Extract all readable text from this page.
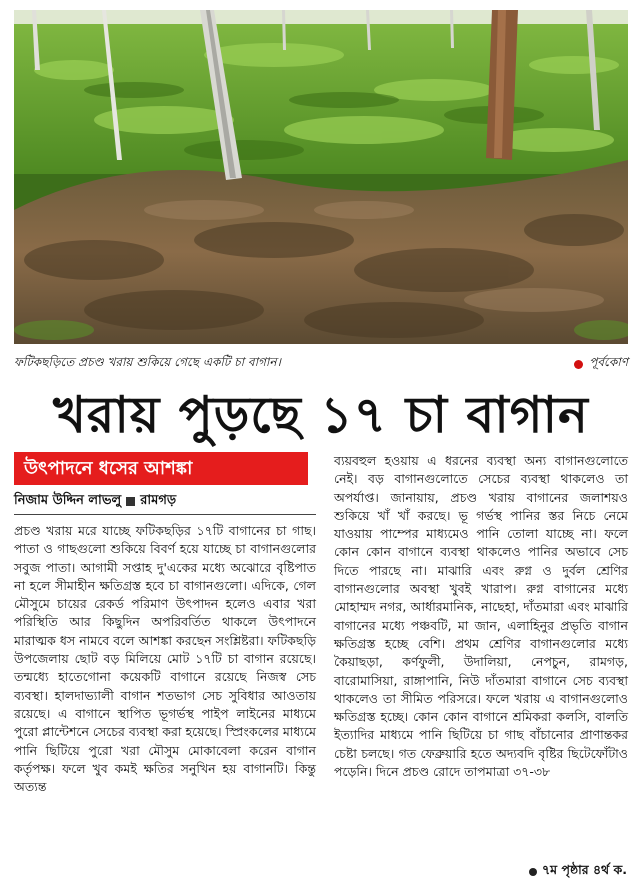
ফটিকছড়িতে প্রচণ্ড খরায় শুকিয়ে গেছে একটি চা বাগান।	পূর্বকোণ
খরায় পুড়ছে ১৭ চা বাগান
উৎপাদনে ধসের আশঙ্কা
নিজাম উদ্দিন লাভলু রামগড়

প্রচণ্ড খরায় মরে যাচ্ছে ফটিকছড়ির ১৭টি বাগানের চা গাছ। পাতা ও গাছগুলো শুকিয়ে বিবর্ণ হয়ে যাচ্ছে চা বাগানগুলোর সবুজ পাতা। আগামী সপ্তাহ দু'একের মধ্যে অঝোরে বৃষ্টিপাত না হলে সীমাহীন ক্ষতিগ্রস্ত হবে চা বাগানগুলো। এদিকে, গেল মৌসুমে চায়ের রেকর্ড পরিমাণ উৎপাদন হলেও এবার খরা পরিস্থিতি আর কিছুদিন অপরিবর্তিত থাকলে উৎপাদনে মারাত্মক ধস নামবে বলে আশঙ্কা করছেন সংশ্লিষ্টরা। ফটিকছড়ি উপজেলায় ছোট বড় মিলিয়ে মোট ১৭টি চা বাগান রয়েছে। তন্মধ্যে হাতেগোনা কয়েকটি বাগানে রয়েছে নিজস্ব সেচ ব্যবস্থা। হালদাভ্যালী বাগান শতভাগ সেচ সুবিধার আওতায় রয়েছে। এ বাগানে স্থাপিত ভূগর্ভস্থ পাইপ লাইনের মাধ্যমে পুরো প্লান্টেশনে সেচের ব্যবস্থা করা হয়েছে। স্প্রিংকলের মাধ্যমে পানি ছিটিয়ে পুরো খরা মৌসুম মোকাবেলা করেন বাগান কর্তৃপক্ষ। ফলে খুব কমই ক্ষতির সনুখিন হয় বাগানটি। কিন্তু অত্যন্ত

ব্যয়বহুল হওয়ায় এ ধরনের ব্যবস্থা অন্য বাগানগুলোতে নেই। বড় বাগানগুলোতে সেচের ব্যবস্থা থাকলেও তা অপর্যাপ্ত। জানায়ায়, প্রচণ্ড খরায় বাগানের জলাশয়ও শুকিয়ে খাঁ খাঁ করছে। ভূ গর্ভস্থ পানির স্তর নিচে নেমে যাওয়ায় পাম্পের মাধ্যমেও পানি তোলা যাচ্ছে না। ফলে কোন কোন বাগানে ব্যবস্থা থাকলেও পানির অভাবে সেচ দিতে পারছে না। মাঝারি এবং রুগ্ন ও দুর্বল শ্রেণির বাগানগুলোর অবস্থা খুবই খারাপ। রুগ্ন বাগানের মধ্যে মোহাম্মদ নগর, আর্ধারমানিক, নাছেহা, দাঁতমারা এবং মাঝারি বাগানের মধ্যে পঞ্চবটি, মা জান, এলাহিনুর প্রভৃতি বাগান ক্ষতিগ্রস্ত হচ্ছে বেশি। প্রথম শ্রেণির বাগানগুলোর মধ্যে কৈয়াছড়া, কর্ণফুলী, উদালিয়া, নেপচুন, রামগড়, বারোমাসিয়া, রাঙ্গাপানি, নিউ দাঁতমারা বাগানে সেচ ব্যবস্থা থাকলেও তা সীমিত পরিসরে। ফলে খরায় এ বাগানগুলোও ক্ষতিগ্রস্ত হচ্ছে। কোন কোন বাগানে শ্রমিকরা কলসি, বালতি ইত্যাদির মাধ্যমে পানি ছিটিয়ে চা গাছ বাঁচানোর প্রাণান্তকর চেষ্টা চলছে। গত ফেব্রুয়ারি হতে অদ্যবদি বৃষ্টির ছিটেফোঁটাও পড়েনি। দিনে প্রচণ্ড রোদে তাপমাত্রা ৩৭-৩৮

৭ম পৃষ্ঠার ৪র্থ ক.
